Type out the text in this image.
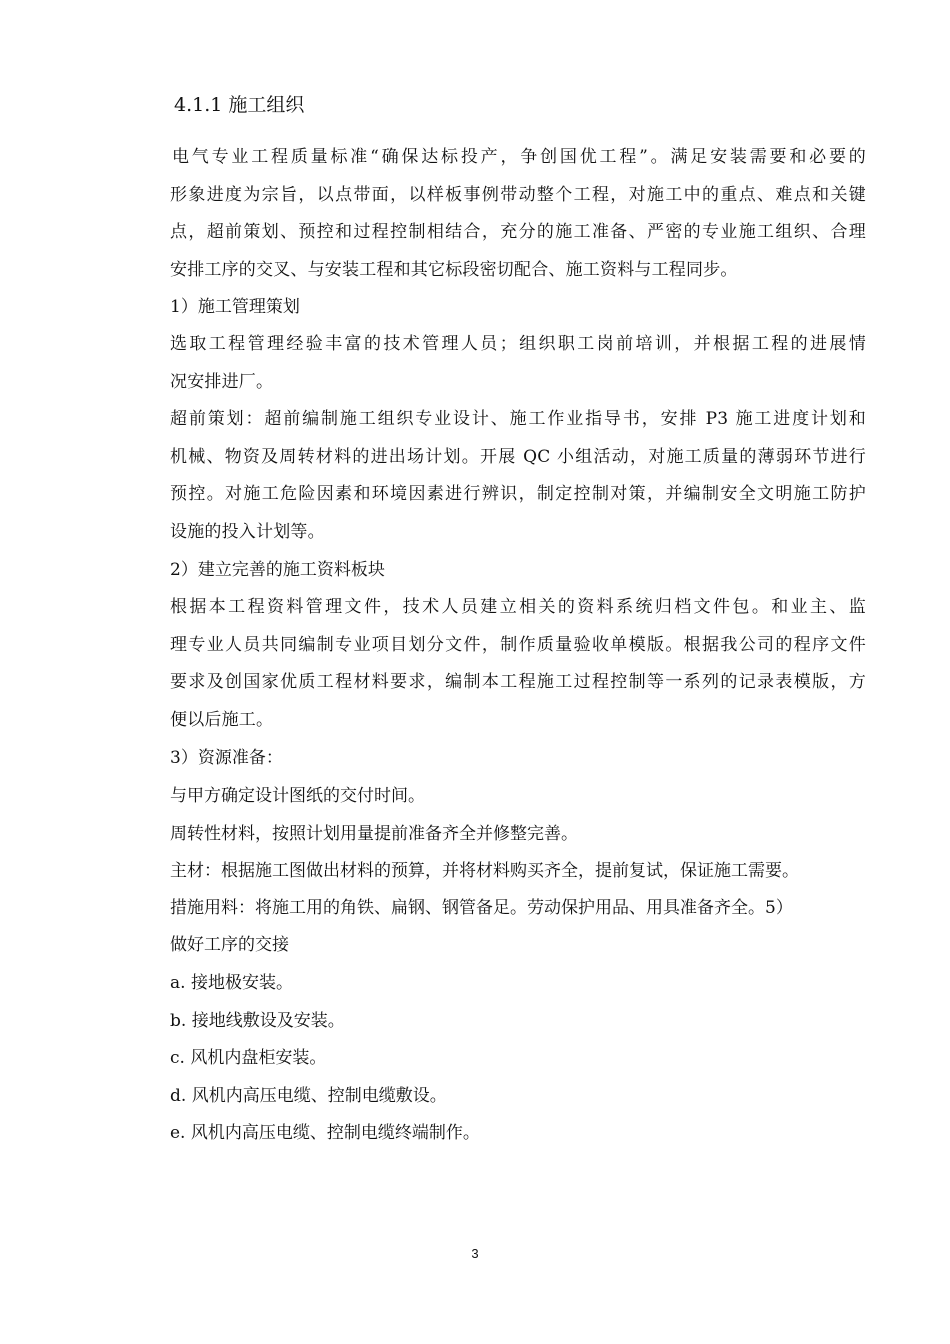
4.1.1 施工组织
电气专业工程质量标准“确保达标投产，争创国优工程”。满足安装需要和必要的
形象进度为宗旨，以点带面，以样板事例带动整个工程，对施工中的重点、难点和关键
点，超前策划、预控和过程控制相结合，充分的施工准备、严密的专业施工组织、合理
安排工序的交叉、与安装工程和其它标段密切配合、施工资料与工程同步。
1）施工管理策划
选取工程管理经验丰富的技术管理人员；组织职工岗前培训，并根据工程的进展情
况安排进厂。
超前策划：超前编制施工组织专业设计、施工作业指导书，安排 P3 施工进度计划和
机械、物资及周转材料的进出场计划。开展 QC 小组活动，对施工质量的薄弱环节进行
预控。对施工危险因素和环境因素进行辨识，制定控制对策，并编制安全文明施工防护
设施的投入计划等。
2）建立完善的施工资料板块
根据本工程资料管理文件，技术人员建立相关的资料系统归档文件包。和业主、监
理专业人员共同编制专业项目划分文件，制作质量验收单模版。根据我公司的程序文件
要求及创国家优质工程材料要求，编制本工程施工过程控制等一系列的记录表模版，方
便以后施工。
3）资源准备：
与甲方确定设计图纸的交付时间。
周转性材料，按照计划用量提前准备齐全并修整完善。
主材：根据施工图做出材料的预算，并将材料购买齐全，提前复试，保证施工需要。
措施用料：将施工用的角铁、扁钢、钢管备足。劳动保护用品、用具准备齐全。5）
做好工序的交接
a. 接地极安装。
b. 接地线敷设及安装。
c. 风机内盘柜安装。
d. 风机内高压电缆、控制电缆敷设。
e. 风机内高压电缆、控制电缆终端制作。
3
